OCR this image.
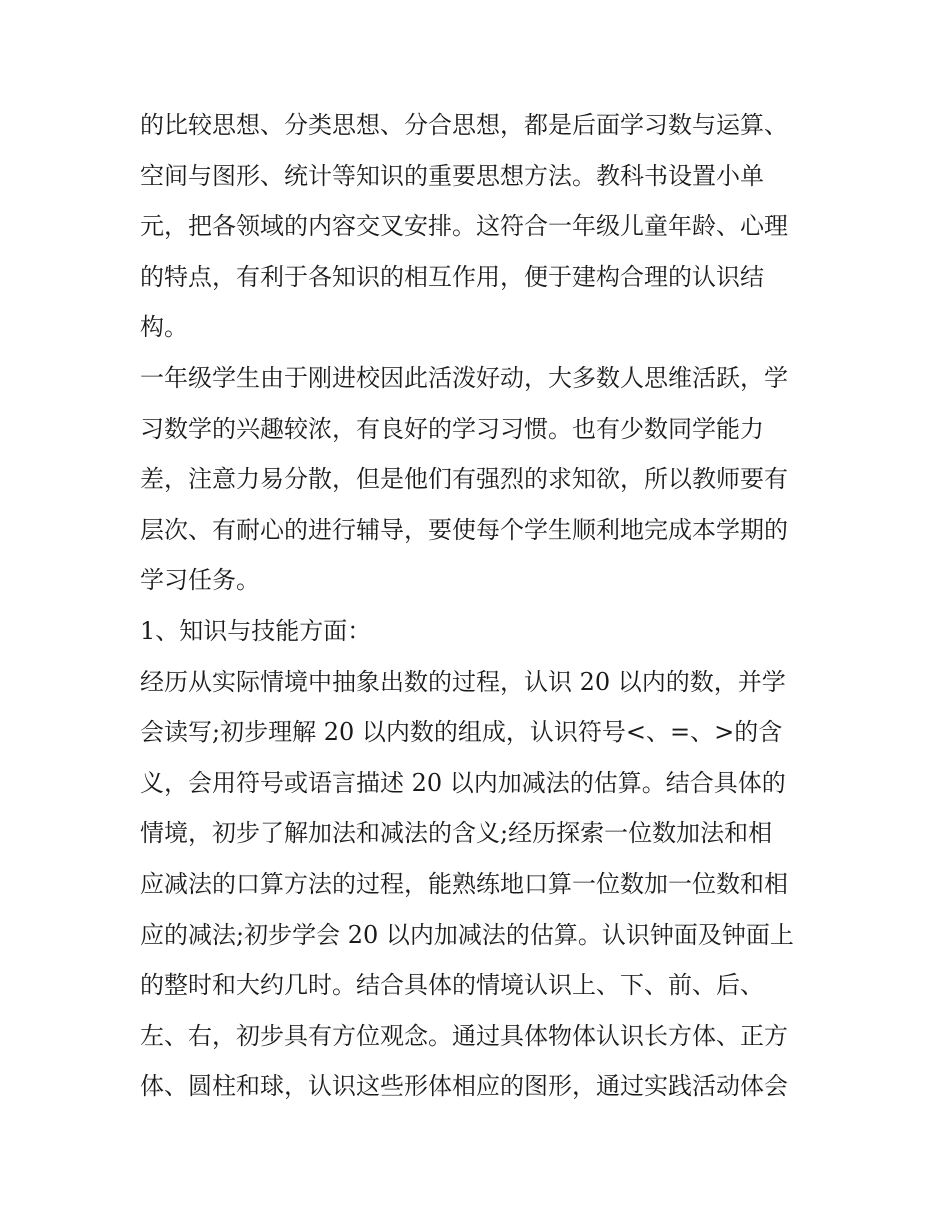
的比较思想、分类思想、分合思想，都是后面学习数与运算、
空间与图形、统计等知识的重要思想方法。教科书设置小单
元，把各领域的内容交叉安排。这符合一年级儿童年龄、心理
的特点，有利于各知识的相互作用，便于建构合理的认识结
构。
一年级学生由于刚进校因此活泼好动，大多数人思维活跃，学
习数学的兴趣较浓，有良好的学习习惯。也有少数同学能力
差，注意力易分散，但是他们有强烈的求知欲，所以教师要有
层次、有耐心的进行辅导，要使每个学生顺利地完成本学期的
学习任务。
1、知识与技能方面：
经历从实际情境中抽象出数的过程，认识 20 以内的数，并学
会读写;初步理解 20 以内数的组成，认识符号<、=、>的含
义，会用符号或语言描述 20 以内加减法的估算。结合具体的
情境，初步了解加法和减法的含义;经历探索一位数加法和相
应减法的口算方法的过程，能熟练地口算一位数加一位数和相
应的减法;初步学会 20 以内加减法的估算。认识钟面及钟面上
的整时和大约几时。结合具体的情境认识上、下、前、后、
左、右，初步具有方位观念。通过具体物体认识长方体、正方
体、圆柱和球，认识这些形体相应的图形，通过实践活动体会
